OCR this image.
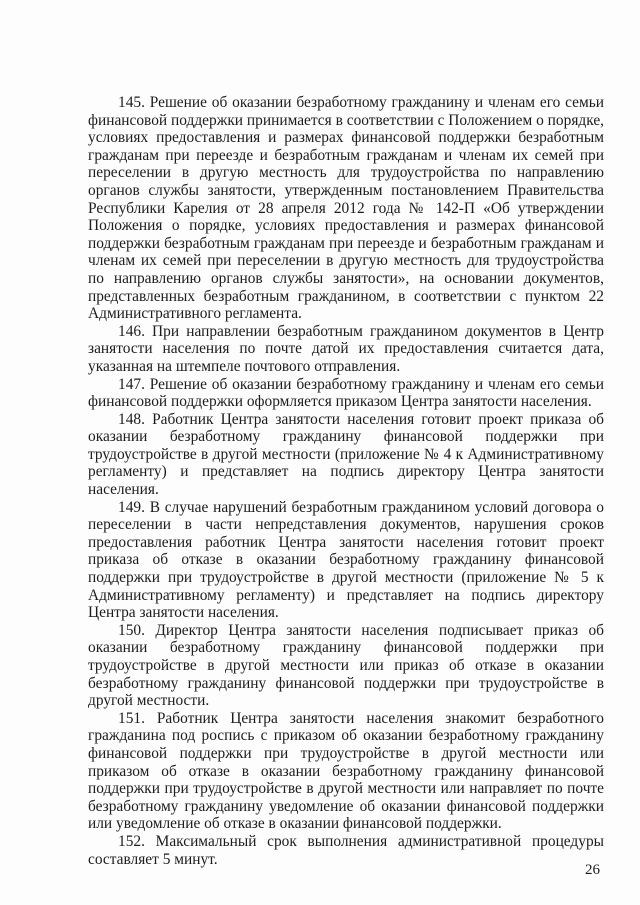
145. Решение об оказании безработному гражданину и членам его семьи финансовой поддержки принимается в соответствии с Положением о порядке, условиях предоставления и размерах финансовой поддержки безработным гражданам при переезде и безработным гражданам и членам их семей при переселении в другую местность для трудоустройства по направлению органов службы занятости, утвержденным постановлением Правительства Республики Карелия от 28 апреля 2012 года № 142-П «Об утверждении Положения о порядке, условиях предоставления и размерах финансовой поддержки безработным гражданам при переезде и безработным гражданам и членам их семей при переселении в другую местность для трудоустройства по направлению органов службы занятости», на основании документов, представленных безработным гражданином, в соответствии с пунктом 22 Административного регламента.

146. При направлении безработным гражданином документов в Центр занятости населения по почте датой их предоставления считается дата, указанная на штемпеле почтового отправления.

147. Решение об оказании безработному гражданину и членам его семьи финансовой поддержки оформляется приказом Центра занятости населения.

148. Работник Центра занятости населения готовит проект приказа об оказании безработному гражданину финансовой поддержки при трудоустройстве в другой местности (приложение № 4 к Административному регламенту) и представляет на подпись директору Центра занятости населения.

149. В случае нарушений безработным гражданином условий договора о переселении в части непредставления документов, нарушения сроков предоставления работник Центра занятости населения готовит проект приказа об отказе в оказании безработному гражданину финансовой поддержки при трудоустройстве в другой местности (приложение № 5 к Административному регламенту) и представляет на подпись директору Центра занятости населения.

150. Директор Центра занятости населения подписывает приказ об оказании безработному гражданину финансовой поддержки при трудоустройстве в другой местности или приказ об отказе в оказании безработному гражданину финансовой поддержки при трудоустройстве в другой местности.

151. Работник Центра занятости населения знакомит безработного гражданина под роспись с приказом об оказании безработному гражданину финансовой поддержки при трудоустройстве в другой местности или приказом об отказе в оказании безработному гражданину финансовой поддержки при трудоустройстве в другой местности или направляет по почте безработному гражданину уведомление об оказании финансовой поддержки или уведомление об отказе в оказании финансовой поддержки.

152. Максимальный срок выполнения административной процедуры составляет 5 минут.

26
